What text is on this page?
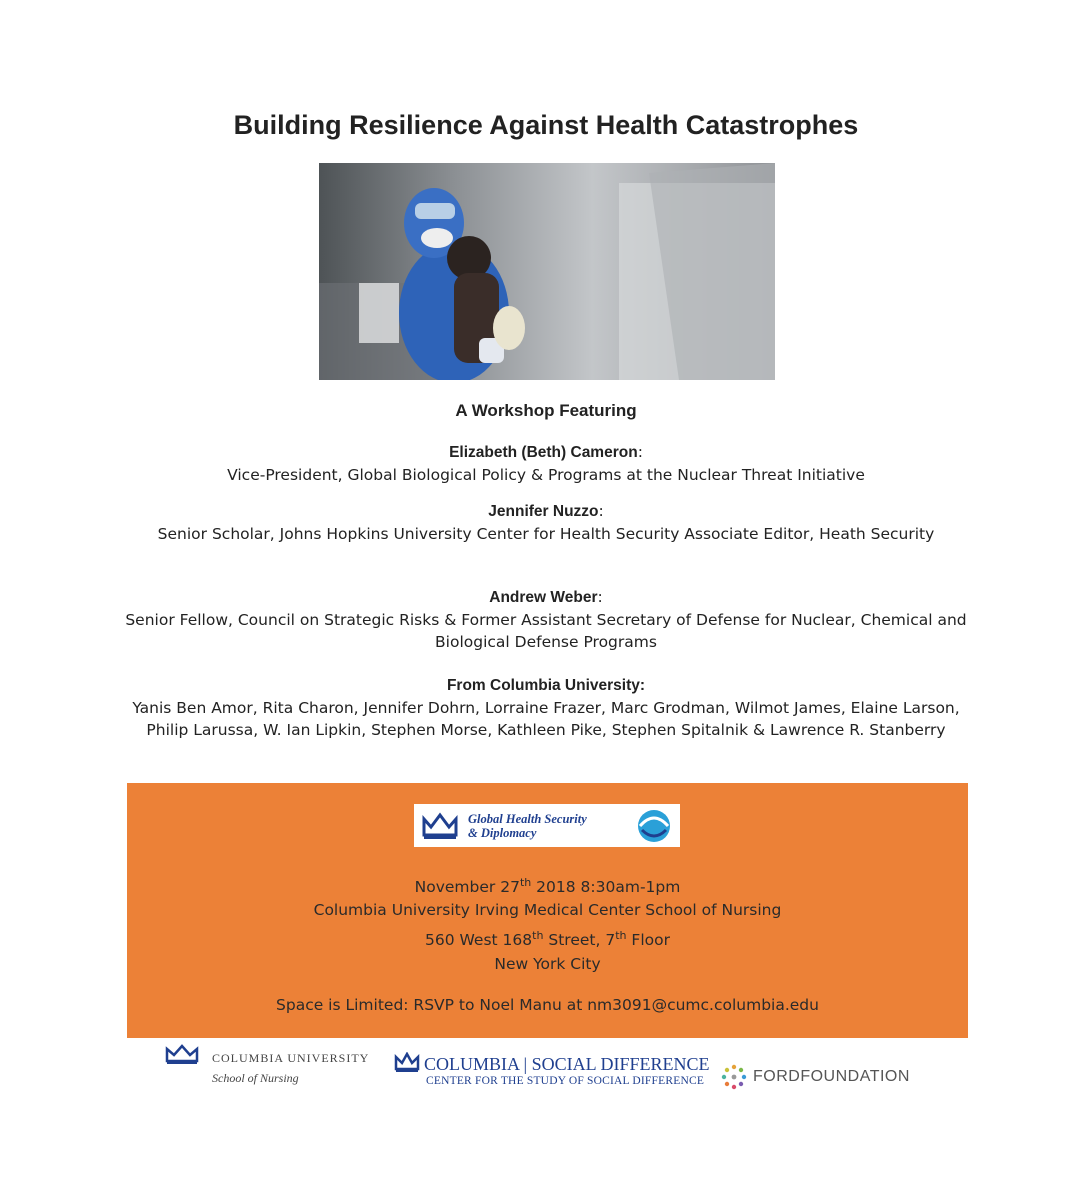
Building Resilience Against Health Catastrophes
A Workshop Featuring
Elizabeth (Beth) Cameron:
Vice-President, Global Biological Policy & Programs at the Nuclear Threat Initiative
Jennifer Nuzzo:
Senior Scholar, Johns Hopkins University Center for Health Security Associate Editor, Heath Security
Andrew Weber:
Senior Fellow, Council on Strategic Risks & Former Assistant Secretary of Defense for Nuclear, Chemical and Biological Defense Programs
From Columbia University:
Yanis Ben Amor, Rita Charon, Jennifer Dohrn, Lorraine Frazer, Marc Grodman, Wilmot James, Elaine Larson, Philip Larussa, W. Ian Lipkin, Stephen Morse, Kathleen Pike, Stephen Spitalnik & Lawrence R. Stanberry
Global Health Security
& Diplomacy
November 27th 2018 8:30am-1pm
Columbia University Irving Medical Center School of Nursing
560 West 168th Street, 7th Floor
New York City
Space is Limited: RSVP to Noel Manu at nm3091@cumc.columbia.edu
COLUMBIA UNIVERSITY
School of Nursing
COLUMBIA | SOCIAL DIFFERENCE
CENTER FOR THE STUDY OF SOCIAL DIFFERENCE	FORDFOUNDATION
